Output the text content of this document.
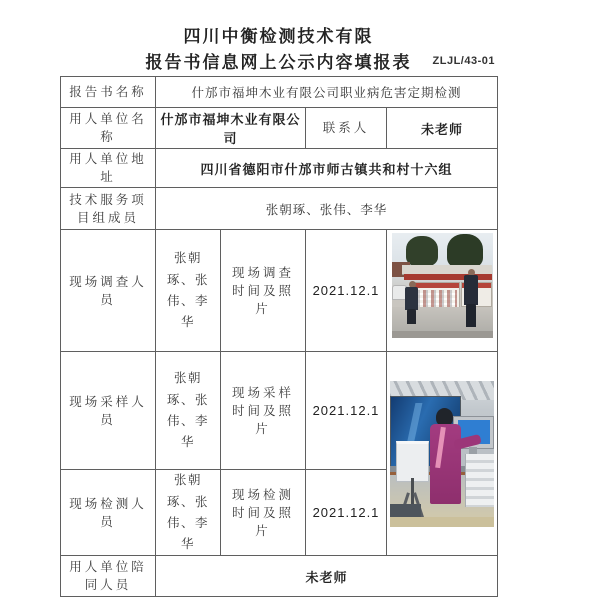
四川中衡检测技术有限
报告书信息网上公示内容填报表	ZLJL/43-01
报告书名称	什邡市福坤木业有限公司职业病危害定期检测			
用人单位名称	什邡市福坤木业有限公司		联系人	未老师
用人单位地址	四川省德阳市什邡市师古镇共和村十六组			
技术服务项目组成员	张朝琢、张伟、李华			
现场调查人员	张朝琢、张伟、李华	现场调查时间及照片	2021.12.1	

现场采样人员	张朝琢、张伟、李华	现场采样时间及照片	2021.12.1	

现场检测人员	张朝琢、张伟、李华	现场检测时间及照片	2021.12.1	
用人单位陪同人员	未老师			
